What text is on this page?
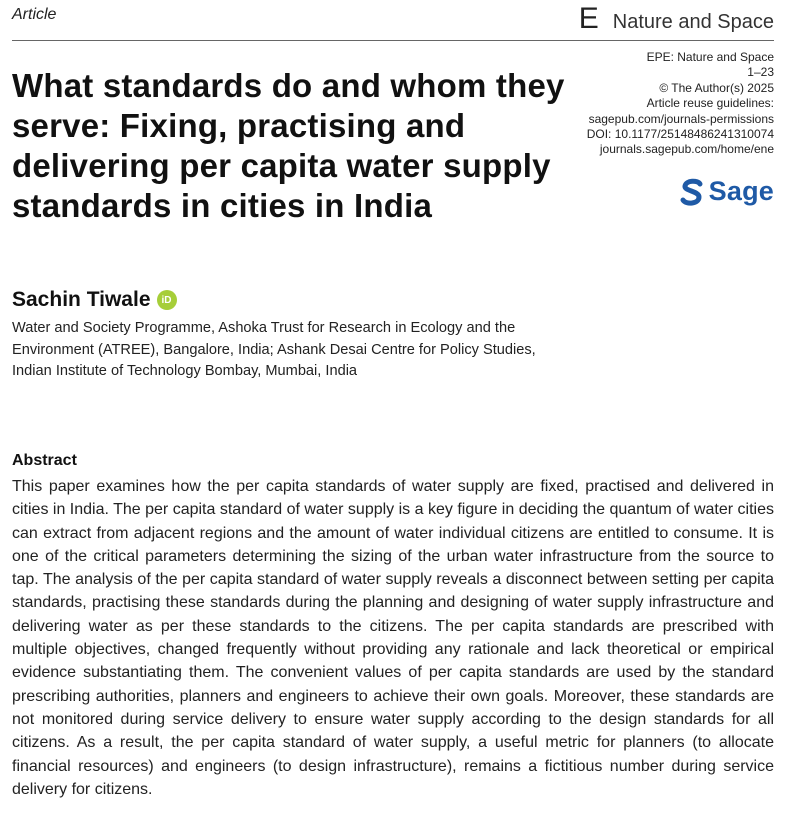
Article	E Nature and Space
What standards do and whom they serve: Fixing, practising and delivering per capita water supply standards in cities in India
EPE: Nature and Space
1–23
© The Author(s) 2025
Article reuse guidelines:
sagepub.com/journals-permissions
DOI: 10.1177/25148486241310074
journals.sagepub.com/home/ene
Sage
Sachin Tiwale	iD
Water and Society Programme, Ashoka Trust for Research in Ecology and the Environment (ATREE), Bangalore, India; Ashank Desai Centre for Policy Studies, Indian Institute of Technology Bombay, Mumbai, India
Abstract

This paper examines how the per capita standards of water supply are fixed, practised and delivered in cities in India. The per capita standard of water supply is a key figure in deciding the quantum of water cities can extract from adjacent regions and the amount of water individual citizens are entitled to consume. It is one of the critical parameters determining the sizing of the urban water infrastructure from the source to tap. The analysis of the per capita standard of water supply reveals a disconnect between setting per capita standards, practising these standards during the planning and designing of water supply infrastructure and delivering water as per these standards to the citizens. The per capita standards are prescribed with multiple objectives, changed frequently without providing any rationale and lack theoretical or empirical evidence substantiating them. The convenient values of per capita standards are used by the standard prescribing authorities, planners and engineers to achieve their own goals. Moreover, these standards are not monitored during service delivery to ensure water supply according to the design standards for all citizens. As a result, the per capita standard of water supply, a useful metric for planners (to allocate financial resources) and engineers (to design infrastructure), remains a fictitious number during service delivery for citizens.
